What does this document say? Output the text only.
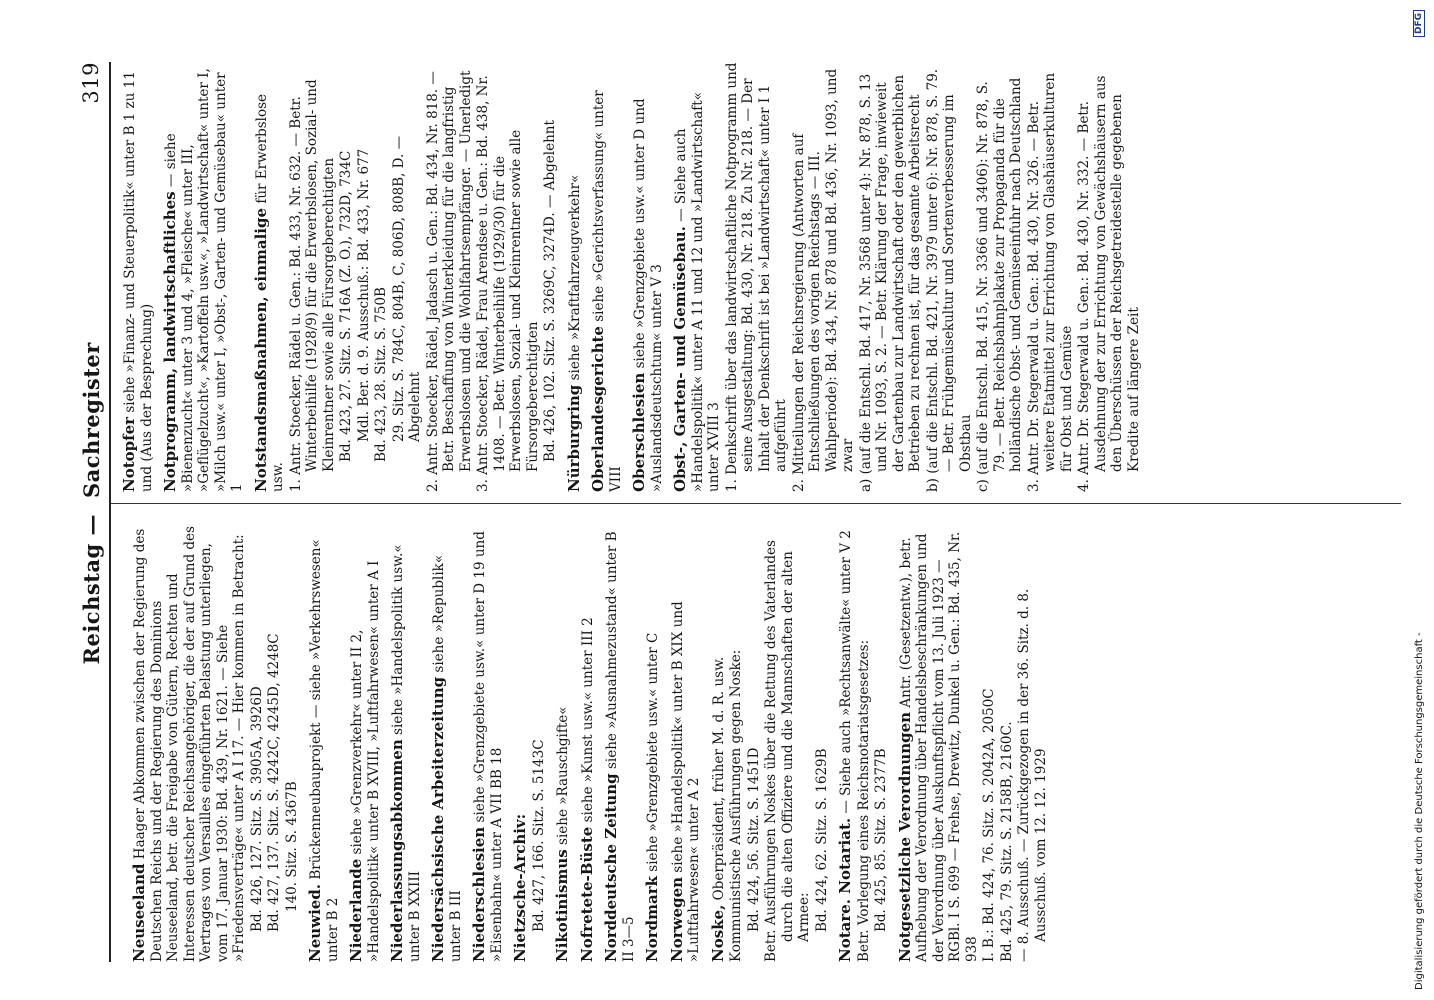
Reichstag —
Sachregister
319

Neuseeland Haager Abkommen zwischen der Regierung des Deutschen Reichs und der Regierung des Dominions Neuseeland, betr. die Freigabe von Gütern, Rechten und Interessen deutscher Reichsangehöriger, die der auf Grund des Vertrages von Versailles eingeführten Belastung unterliegen, vom 17. Januar 1930: Bd. 439, Nr. 1621. — Siehe »Friedensverträge« unter A I 17. — Hier kommen in Betracht: Bd. 426, 127. Sitz. S. 3905A, 3926D Bd. 427, 137. Sitz. S. 4242C, 4245D, 4248C 140. Sitz. S. 4367B

Neuwied. Brückenneubauprojekt — siehe »Verkehrswesen« unter B 2 Niederlande siehe »Grenzverkehr« unter II 2, »Handelspolitik« unter B XVIII, »Luftfahrwesen« unter A I Niederlassungsabkommen siehe »Handelspolitik usw.« unter B XXIII Niedersächsische Arbeiterzeitung siehe »Republik« unter B III Niederschlesien siehe »Grenzgebiete usw.« unter D 19 und »Eisenbahn« unter A VII BB 18 Nietzsche-Archiv: Bd. 427, 166. Sitz. S. 5143C Nikotinismus siehe »Rauschgifte«

Nofretete-Büste siehe »Kunst usw.« unter III 2

Norddeutsche Zeitung siehe »Ausnahmezustand« unter B II 3—5 Nordmark siehe »Grenzgebiete usw.« unter C

Norwegen siehe »Handelspolitik« unter B XIX und »Luftfahrwesen« unter A 2 Noske, Oberpräsident, früher M. d. R. usw. Kommunistische Ausführungen gegen Noske: Bd. 424, 56. Sitz. S. 1451D Betr. Ausführungen Noskes über die Rettung des Vaterlandes durch die alten Offiziere und die Mannschaften der alten Armee: Bd. 424, 62. Sitz. S. 1629B Notare. Notariat. — Siehe auch »Rechtsanwälte« unter V 2 Betr. Vorlegung eines Reichsnotariatsgesetzes: Bd. 425, 85. Sitz. S. 2377B Notgesetzliche Verordnungen Antr. (Gesetzentw.), betr. Aufhebung der Verordnung über Handelsbeschränkungen und der Verordnung über Auskunftspflicht vom 13. Juli 1923 — RGBl. I S. 699 — Frehse, Drewitz, Dunkel u. Gen.: Bd. 435, Nr. 938 I. B.: Bd. 424, 76. Sitz. S. 2042A, 2050C Bd. 425, 79. Sitz. S. 2158B, 2160C. — 8. Ausschuß. — Zurückgezogen in der 36. Sitz. d. 8. Ausschuß. vom 12. 12. 1929

Notopfer siehe »Finanz- und Steuerpolitik« unter B 1 zu 11 und (Aus der Besprechung) Notprogramm, landwirtschaftliches — siehe »Bienenzucht« unter 3 und 4, »Fleische« unter III, »Geflügelzucht«, »Kartoffeln usw.«, »Landwirtschaft« unter I, »Milch usw.« unter I, »Obst-, Garten- und Gemüsebau« unter 1 Notstandsmaßnahmen, einmalige für Erwerbslose usw. 1. Antr. Stoecker, Rädel u. Gen.: Bd. 433, Nr. 632. — Betr. Winterbeihilfe (1928/9) für die Erwerbslosen, Sozial- und Kleinrentner sowie alle Fürsorgeberechtigten Bd. 423, 27. Sitz. S. 716A (Z. O.), 732D, 734C Mdl. Ber. d. 9. Ausschuß.: Bd. 433, Nr. 677 Bd. 423, 28. Sitz. S. 750B 29. Sitz. S. 784C, 804B, C, 806D, 808B, D. — Abgelehnt 2. Antr. Stoecker, Rädel, Jadasch u. Gen.: Bd. 434, Nr. 818. — Betr. Beschaffung von Winterkleidung für die langfristig Erwerbslosen und die Wohlfahrtsempfänger. — Unerledigt 3. Antr. Stoecker, Rädel, Frau Arendsee u. Gen.: Bd. 438, Nr. 1408. — Betr. Winterbeihilfe (1929/30) für die Erwerbslosen, Sozial- und Kleinrentner sowie alle Fürsorgeberechtigten Bd. 426, 102. Sitz. S. 3269C, 3274D. — Abgelehnt Nürburgring siehe »Kraftfahrzeugverkehr«

Oberlandesgerichte siehe »Gerichtsverfassung« unter VIII Oberschlesien siehe »Grenzgebiete usw.« unter D und »Auslandsdeutschtum« unter V 3 Obst-, Garten- und Gemüsebau. — Siehe auch »Handelspolitik« unter A 11 und 12 und »Landwirtschaft« unter XVIII 3 1. Denkschrift über das landwirtschaftliche Notprogramm und seine Ausgestaltung: Bd. 430, Nr. 218. Zu Nr. 218. — Der Inhalt der Denkschrift ist bei »Landwirtschaft« unter I 1 aufgeführt 2. Mitteilungen der Reichsregierung (Antworten auf Entschließungen des vorigen Reichstags — III. Wahlperiode): Bd. 434, Nr. 878 und Bd. 436, Nr. 1093, und zwar a) (auf die Entschl. Bd. 417, Nr. 3568 unter 4): Nr. 878, S. 13 und Nr. 1093, S. 2. — Betr. Klärung der Frage, inwieweit der Gartenbau zur Landwirtschaft oder den gewerblichen Betrieben zu rechnen ist, für das gesamte Arbeitsrecht b) (auf die Entschl. Bd. 421, Nr. 3979 unter 6): Nr. 878, S. 79. — Betr. Frühgemüsekultur und Sortenverbesserung im Obstbau c) (auf die Entschl. Bd. 415, Nr. 3366 und 3406): Nr. 878, S. 79. — Betr. Reichsbahnplakate zur Propaganda für die holländische Obst- und Gemüseeinfuhr nach Deutschland 3. Antr. Dr. Stegerwald u. Gen.: Bd. 430, Nr. 326. — Betr. weitere Etatmittel zur Errichtung von Glashäuserkulturen für Obst und Gemüse 4. Antr. Dr. Stegerwald u. Gen.: Bd. 430, Nr. 332. — Betr. Ausdehnung der zur Errichtung von Gewächshäusern aus den Überschüssen der Reichsgetreidestelle gegebenen Kredite auf längere Zeit

Digitalisierung gefördert durch die Deutsche Forschungsgemeinschaft -
DFG
